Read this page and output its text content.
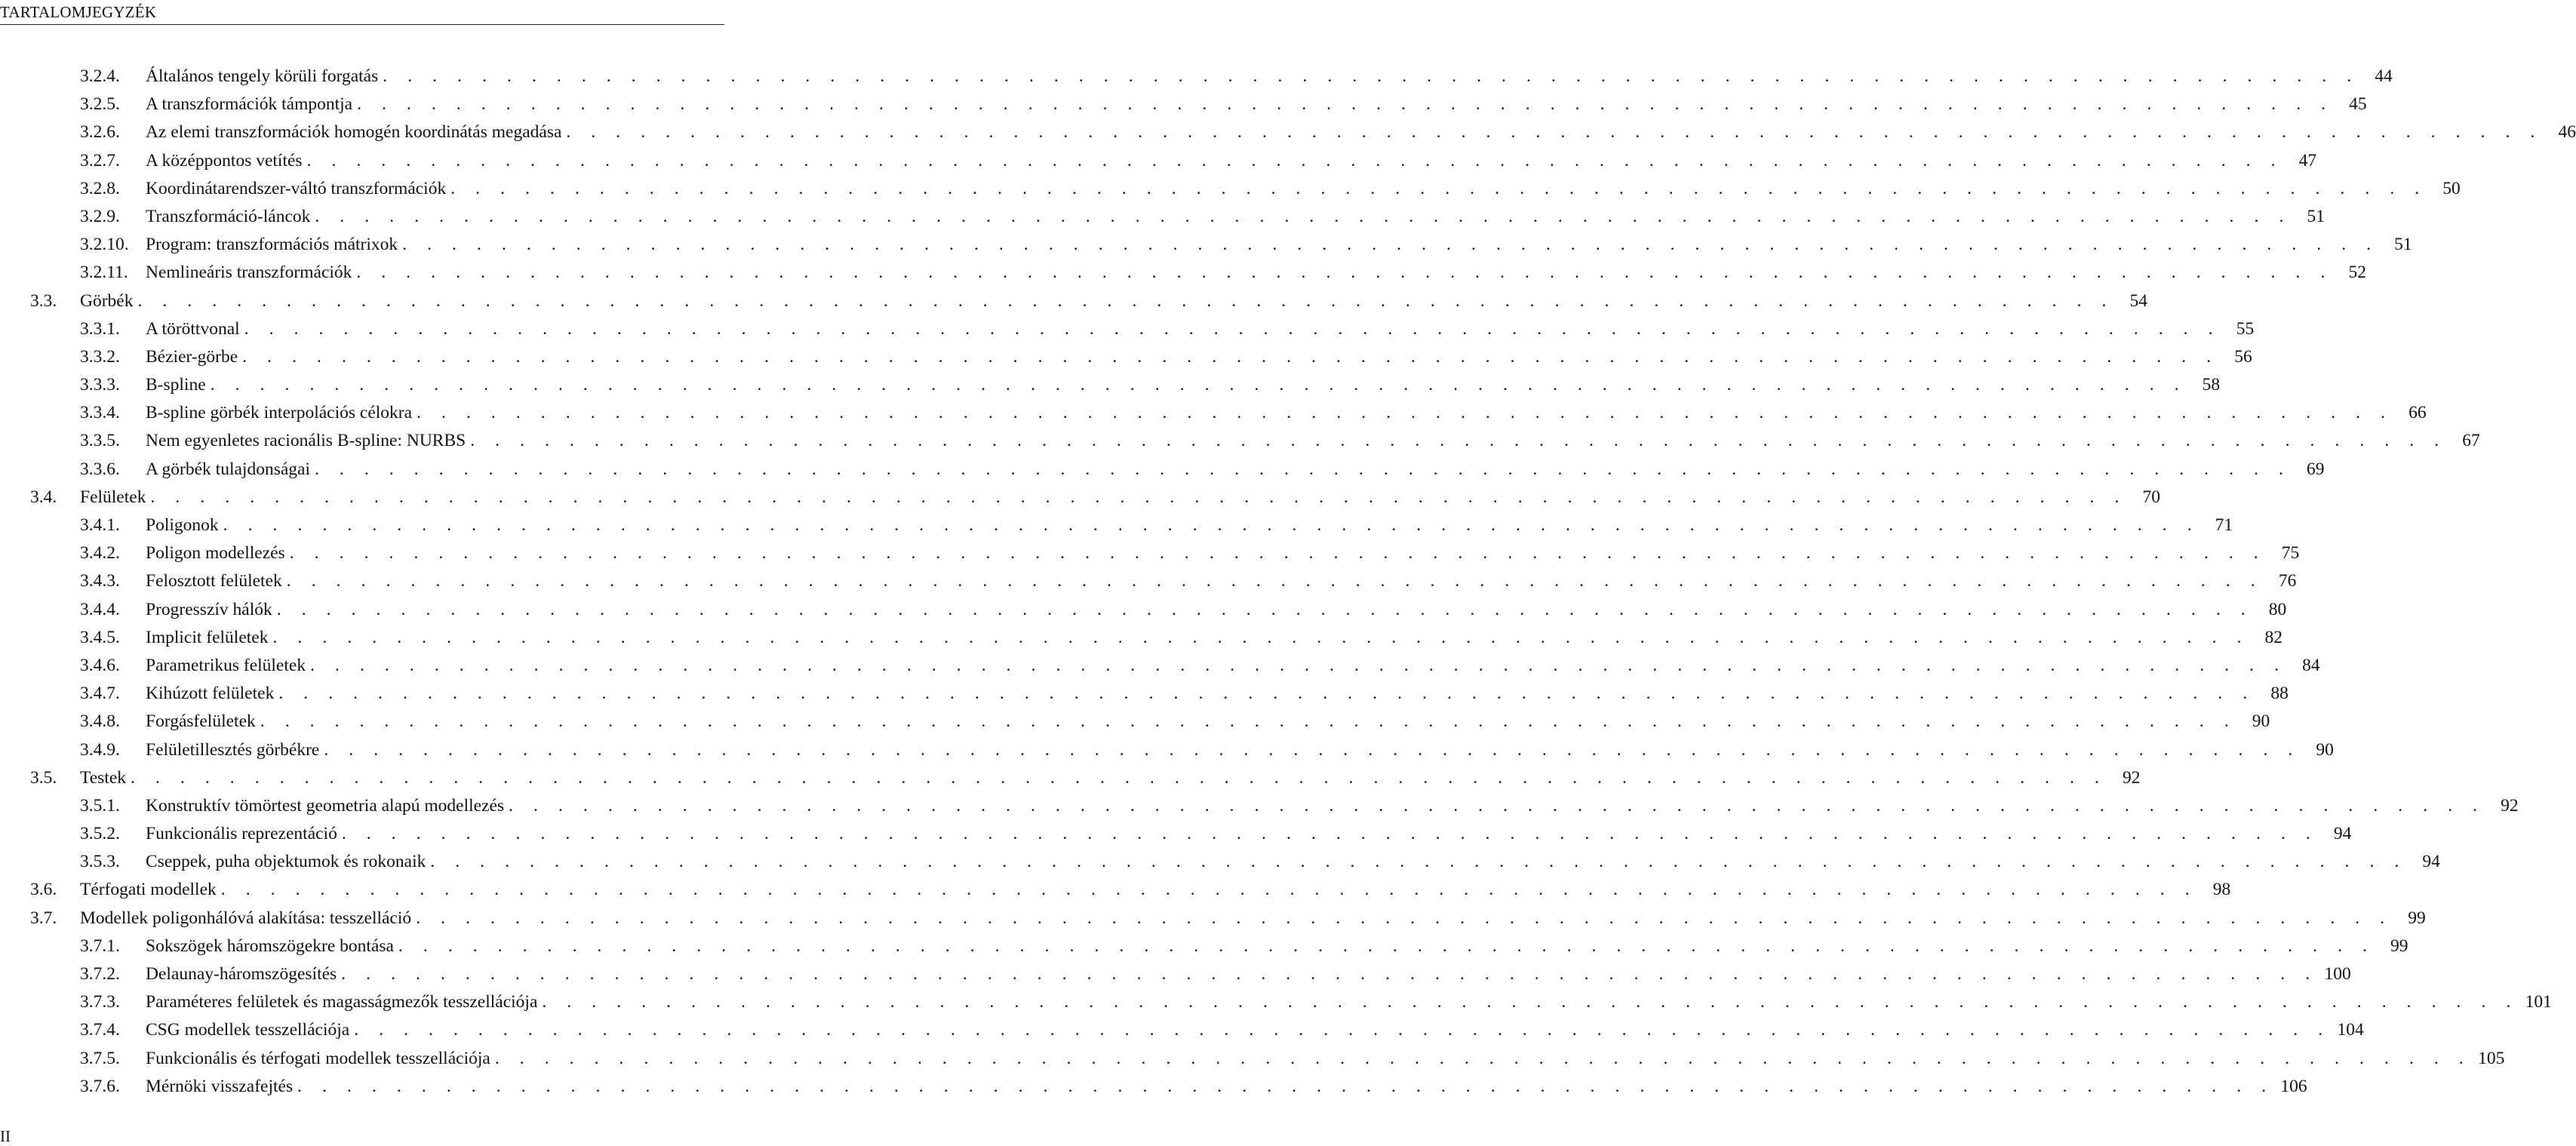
TARTALOMJEGYZÉK
3.2.4. Általános tengely körüli forgatás . . . . . . . . . . . . . . . . . . . . . . . . . . . . . . . . . . . . . . . . . . . . . . . . . . . . . . . . . . . . . . . . . . . . . . . . . . . . . . . . 44
3.2.5. A transzformációk támpontja . . . . . . . . . . . . . . . . . . . . . . . . . . . . . . . . . . . . . . . . . . . . . . . . . . . . . . . . . . . . . . . . . . . . . . . . . . . . . . . . 45
3.2.6. Az elemi transzformációk homogén koordinátás megadása . . . . . . . . . . . . . . . . . . . . . . . . . . . . . . . . . . . . . . . . . . . . . . . . . . . . . . . . . . . . . . . . . . . . . . . . . . . . . . . . 46
3.2.7. A középpontos vetítés . . . . . . . . . . . . . . . . . . . . . . . . . . . . . . . . . . . . . . . . . . . . . . . . . . . . . . . . . . . . . . . . . . . . . . . . . . . . . . . . 47
3.2.8. Koordinátarendszer-váltó transzformációk . . . . . . . . . . . . . . . . . . . . . . . . . . . . . . . . . . . . . . . . . . . . . . . . . . . . . . . . . . . . . . . . . . . . . . . . . . . . . . . . 50
3.2.9. Transzformáció-láncok . . . . . . . . . . . . . . . . . . . . . . . . . . . . . . . . . . . . . . . . . . . . . . . . . . . . . . . . . . . . . . . . . . . . . . . . . . . . . . . . 51
3.2.10. Program: transzformációs mátrixok . . . . . . . . . . . . . . . . . . . . . . . . . . . . . . . . . . . . . . . . . . . . . . . . . . . . . . . . . . . . . . . . . . . . . . . . . . . . . . . . 51
3.2.11. Nemlineáris transzformációk . . . . . . . . . . . . . . . . . . . . . . . . . . . . . . . . . . . . . . . . . . . . . . . . . . . . . . . . . . . . . . . . . . . . . . . . . . . . . . . . 52
3.3. Görbék . . . . . . . . . . . . . . . . . . . . . . . . . . . . . . . . . . . . . . . . . . . . . . . . . . . . . . . . . . . . . . . . . . . . . . . . . . . . . . . . 54
3.3.1. A töröttvonal . . . . . . . . . . . . . . . . . . . . . . . . . . . . . . . . . . . . . . . . . . . . . . . . . . . . . . . . . . . . . . . . . . . . . . . . . . . . . . . . 55
3.3.2. Bézier-görbe . . . . . . . . . . . . . . . . . . . . . . . . . . . . . . . . . . . . . . . . . . . . . . . . . . . . . . . . . . . . . . . . . . . . . . . . . . . . . . . . 56
3.3.3. B-spline . . . . . . . . . . . . . . . . . . . . . . . . . . . . . . . . . . . . . . . . . . . . . . . . . . . . . . . . . . . . . . . . . . . . . . . . . . . . . . . . 58
3.3.4. B-spline görbék interpolációs célokra . . . . . . . . . . . . . . . . . . . . . . . . . . . . . . . . . . . . . . . . . . . . . . . . . . . . . . . . . . . . . . . . . . . . . . . . . . . . . . . . 66
3.3.5. Nem egyenletes racionális B-spline: NURBS . . . . . . . . . . . . . . . . . . . . . . . . . . . . . . . . . . . . . . . . . . . . . . . . . . . . . . . . . . . . . . . . . . . . . . . . . . . . . . . . 67
3.3.6. A görbék tulajdonságai . . . . . . . . . . . . . . . . . . . . . . . . . . . . . . . . . . . . . . . . . . . . . . . . . . . . . . . . . . . . . . . . . . . . . . . . . . . . . . . . 69
3.4. Felületek . . . . . . . . . . . . . . . . . . . . . . . . . . . . . . . . . . . . . . . . . . . . . . . . . . . . . . . . . . . . . . . . . . . . . . . . . . . . . . . . 70
3.4.1. Poligonok . . . . . . . . . . . . . . . . . . . . . . . . . . . . . . . . . . . . . . . . . . . . . . . . . . . . . . . . . . . . . . . . . . . . . . . . . . . . . . . . 71
3.4.2. Poligon modellezés . . . . . . . . . . . . . . . . . . . . . . . . . . . . . . . . . . . . . . . . . . . . . . . . . . . . . . . . . . . . . . . . . . . . . . . . . . . . . . . . 75
3.4.3. Felosztott felületek . . . . . . . . . . . . . . . . . . . . . . . . . . . . . . . . . . . . . . . . . . . . . . . . . . . . . . . . . . . . . . . . . . . . . . . . . . . . . . . . 76
3.4.4. Progresszív hálók . . . . . . . . . . . . . . . . . . . . . . . . . . . . . . . . . . . . . . . . . . . . . . . . . . . . . . . . . . . . . . . . . . . . . . . . . . . . . . . . 80
3.4.5. Implicit felületek . . . . . . . . . . . . . . . . . . . . . . . . . . . . . . . . . . . . . . . . . . . . . . . . . . . . . . . . . . . . . . . . . . . . . . . . . . . . . . . . 82
3.4.6. Parametrikus felületek . . . . . . . . . . . . . . . . . . . . . . . . . . . . . . . . . . . . . . . . . . . . . . . . . . . . . . . . . . . . . . . . . . . . . . . . . . . . . . . . 84
3.4.7. Kihúzott felületek . . . . . . . . . . . . . . . . . . . . . . . . . . . . . . . . . . . . . . . . . . . . . . . . . . . . . . . . . . . . . . . . . . . . . . . . . . . . . . . . 88
3.4.8. Forgásfelületek . . . . . . . . . . . . . . . . . . . . . . . . . . . . . . . . . . . . . . . . . . . . . . . . . . . . . . . . . . . . . . . . . . . . . . . . . . . . . . . . 90
3.4.9. Felületillesztés görbékre . . . . . . . . . . . . . . . . . . . . . . . . . . . . . . . . . . . . . . . . . . . . . . . . . . . . . . . . . . . . . . . . . . . . . . . . . . . . . . . . 90
3.5. Testek . . . . . . . . . . . . . . . . . . . . . . . . . . . . . . . . . . . . . . . . . . . . . . . . . . . . . . . . . . . . . . . . . . . . . . . . . . . . . . . . 92
3.5.1. Konstruktív tömörtest geometria alapú modellezés . . . . . . . . . . . . . . . . . . . . . . . . . . . . . . . . . . . . . . . . . . . . . . . . . . . . . . . . . . . . . . . . . . . . . . . . . . . . . . . . 92
3.5.2. Funkcionális reprezentáció . . . . . . . . . . . . . . . . . . . . . . . . . . . . . . . . . . . . . . . . . . . . . . . . . . . . . . . . . . . . . . . . . . . . . . . . . . . . . . . . 94
3.5.3. Cseppek, puha objektumok és rokonaik . . . . . . . . . . . . . . . . . . . . . . . . . . . . . . . . . . . . . . . . . . . . . . . . . . . . . . . . . . . . . . . . . . . . . . . . . . . . . . . . 94
3.6. Térfogati modellek . . . . . . . . . . . . . . . . . . . . . . . . . . . . . . . . . . . . . . . . . . . . . . . . . . . . . . . . . . . . . . . . . . . . . . . . . . . . . . . . 98
3.7. Modellek poligonhálóvá alakítása: tesszelláció . . . . . . . . . . . . . . . . . . . . . . . . . . . . . . . . . . . . . . . . . . . . . . . . . . . . . . . . . . . . . . . . . . . . . . . . . . . . . . . . 99
3.7.1. Sokszögek háromszögekre bontása . . . . . . . . . . . . . . . . . . . . . . . . . . . . . . . . . . . . . . . . . . . . . . . . . . . . . . . . . . . . . . . . . . . . . . . . . . . . . . . . 99
3.7.2. Delaunay-háromszögesítés . . . . . . . . . . . . . . . . . . . . . . . . . . . . . . . . . . . . . . . . . . . . . . . . . . . . . . . . . . . . . . . . . . . . . . . . . . . . . . . . 100
3.7.3. Paraméteres felületek és magasságmezők tesszellációja . . . . . . . . . . . . . . . . . . . . . . . . . . . . . . . . . . . . . . . . . . . . . . . . . . . . . . . . . . . . . . . . . . . . . . . . . . . . . . . . 101
3.7.4. CSG modellek tesszellációja . . . . . . . . . . . . . . . . . . . . . . . . . . . . . . . . . . . . . . . . . . . . . . . . . . . . . . . . . . . . . . . . . . . . . . . . . . . . . . . . 104
3.7.5. Funkcionális és térfogati modellek tesszellációja . . . . . . . . . . . . . . . . . . . . . . . . . . . . . . . . . . . . . . . . . . . . . . . . . . . . . . . . . . . . . . . . . . . . . . . . . . . . . . . . 105
3.7.6. Mérnöki visszafejtés . . . . . . . . . . . . . . . . . . . . . . . . . . . . . . . . . . . . . . . . . . . . . . . . . . . . . . . . . . . . . . . . . . . . . . . . . . . . . . . . 106
II
